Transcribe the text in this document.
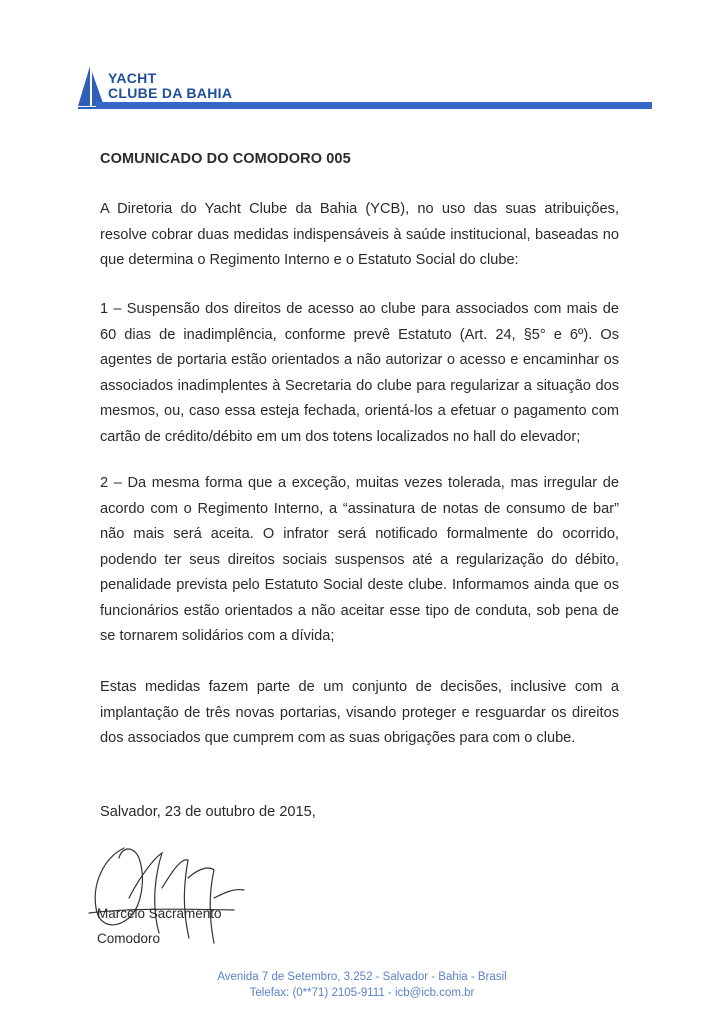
YACHT
CLUBE DA BAHIA
COMUNICADO DO COMODORO 005

A Diretoria do Yacht Clube da Bahia (YCB), no uso das suas atribuições, resolve cobrar duas medidas indispensáveis à saúde institucional, baseadas no que determina o Regimento Interno e o Estatuto Social do clube:

1 – Suspensão dos direitos de acesso ao clube para associados com mais de 60 dias de inadimplência, conforme prevê Estatuto (Art. 24, §5° e 6º). Os agentes de portaria estão orientados a não autorizar o acesso e encaminhar os associados inadimplentes à Secretaria do clube para regularizar a situação dos mesmos, ou, caso essa esteja fechada, orientá-los a efetuar o pagamento com cartão de crédito/débito em um dos totens localizados no hall do elevador;

2 – Da mesma forma que a exceção, muitas vezes tolerada, mas irregular de acordo com o Regimento Interno, a “assinatura de notas de consumo de bar” não mais será aceita. O infrator será notificado formalmente do ocorrido, podendo ter seus direitos sociais suspensos até a regularização do débito, penalidade prevista pelo Estatuto Social deste clube. Informamos ainda que os funcionários estão orientados a não aceitar esse tipo de conduta, sob pena de se tornarem solidários com a dívida;

Estas medidas fazem parte de um conjunto de decisões, inclusive com a implantação de três novas portarias, visando proteger e resguardar os direitos dos associados que cumprem com as suas obrigações para com o clube.

Salvador, 23 de outubro de 2015,
Marcelo Sacramento
Comodoro
Avenida 7 de Setembro, 3.252 - Salvador - Bahia - Brasil
Telefax: (0**71) 2105-9111 - icb@icb.com.br
